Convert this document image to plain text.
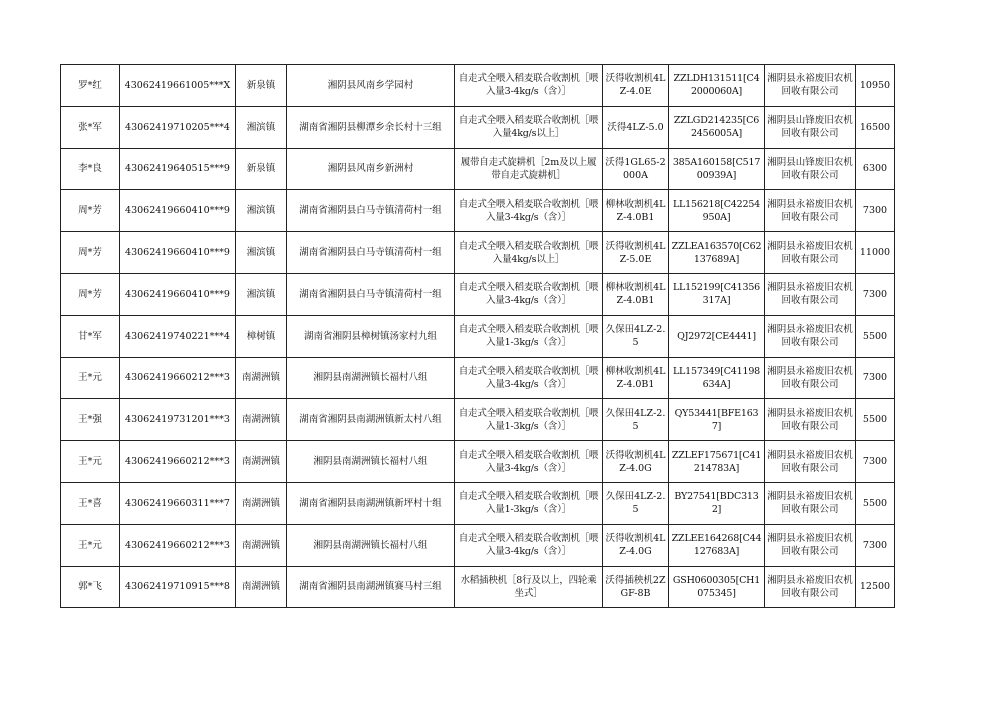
罗*红	43062419661005***X	新泉镇	湘阴县风南乡学园村	自走式全喂入稻麦联合收割机［喂入量3-4kg/s（含）］	沃得收割机4LZ-4.0E	ZZLDH131511[C42000060A]	湘阴县永裕废旧农机回收有限公司	10950
张*军	43062419710205***4	湘滨镇	湖南省湘阴县柳潭乡余长村十三组	自走式全喂入稻麦联合收割机［喂入量4kg/s以上］	沃得4LZ-5.0	ZZLGD214235[C62456005A]	湘阴县山锋废旧农机回收有限公司	16500
李*良	43062419640515***9	新泉镇	湘阴县风南乡新洲村	履带自走式旋耕机［2m及以上履带自走式旋耕机］	沃得1GL65-2000A	385A160158[C51700939A]	湘阴县山锋废旧农机回收有限公司	6300
周*芳	43062419660410***9	湘滨镇	湖南省湘阴县白马寺镇清荷村一组	自走式全喂入稻麦联合收割机［喂入量3-4kg/s（含）］	柳林收割机4LZ-4.0B1	LL156218[C42254950A]	湘阴县永裕废旧农机回收有限公司	7300
周*芳	43062419660410***9	湘滨镇	湖南省湘阴县白马寺镇清荷村一组	自走式全喂入稻麦联合收割机［喂入量4kg/s以上］	沃得收割机4LZ-5.0E	ZZLEA163570[C62137689A]	湘阴县永裕废旧农机回收有限公司	11000
周*芳	43062419660410***9	湘滨镇	湖南省湘阴县白马寺镇清荷村一组	自走式全喂入稻麦联合收割机［喂入量3-4kg/s（含）］	柳林收割机4LZ-4.0B1	LL152199[C41356317A]	湘阴县永裕废旧农机回收有限公司	7300
甘*军	43062419740221***4	樟树镇	湖南省湘阴县樟树镇汤家村九组	自走式全喂入稻麦联合收割机［喂入量1-3kg/s（含）］	久保田4LZ-2.5	QJ2972[CE4441]	湘阴县永裕废旧农机回收有限公司	5500
王*元	43062419660212***3	南湖洲镇	湘阴县南湖洲镇长福村八组	自走式全喂入稻麦联合收割机［喂入量3-4kg/s（含）］	柳林收割机4LZ-4.0B1	LL157349[C41198634A]	湘阴县永裕废旧农机回收有限公司	7300
王*强	43062419731201***3	南湖洲镇	湖南省湘阴县南湖洲镇新太村八组	自走式全喂入稻麦联合收割机［喂入量1-3kg/s（含）］	久保田4LZ-2.5	QY53441[BFE1637]	湘阴县永裕废旧农机回收有限公司	5500
王*元	43062419660212***3	南湖洲镇	湘阴县南湖洲镇长福村八组	自走式全喂入稻麦联合收割机［喂入量3-4kg/s（含）］	沃得收割机4LZ-4.0G	ZZLEF175671[C41214783A]	湘阴县永裕废旧农机回收有限公司	7300
王*喜	43062419660311***7	南湖洲镇	湖南省湘阴县南湖洲镇新坪村十组	自走式全喂入稻麦联合收割机［喂入量1-3kg/s（含）］	久保田4LZ-2.5	BY27541[BDC3132]	湘阴县永裕废旧农机回收有限公司	5500
王*元	43062419660212***3	南湖洲镇	湘阴县南湖洲镇长福村八组	自走式全喂入稻麦联合收割机［喂入量3-4kg/s（含）］	沃得收割机4LZ-4.0G	ZZLEE164268[C44127683A]	湘阴县永裕废旧农机回收有限公司	7300
郭*飞	43062419710915***8	南湖洲镇	湖南省湘阴县南湖洲镇赛马村三组	水稻插秧机［8行及以上，四轮乘坐式］	沃得插秧机2ZGF-8B	GSH0600305[CH1075345]	湘阴县永裕废旧农机回收有限公司	12500
